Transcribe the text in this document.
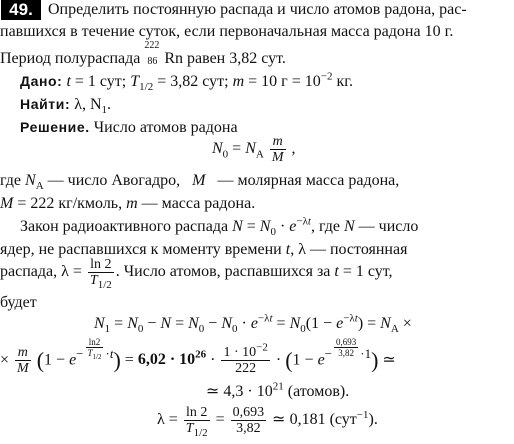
49. Определить постоянную распада и число атомов радона, рас-
павшихся в течение суток, если первоначальная масса радона 10 г.
Период полураспада
222
86 Rn равен 3,82 сут.
Дано: t = 1 сут; $T_{1/2} = 3,82$ сут; m = 10 $г = 10^{-2}$ кг.
Найти: λ, $N_1$.
Решение. Число атомов радона
$N_0 = N_A \frac{m}{M}$ ,
где $N_A$ — число Авогадро, M — молярная масса радона,
M = 222 кг/кмоль, m — масса радона.
Закон радиоактивного распада $N = N_0 \cdot e^{-\lambda t}$, где N — число
ядер, не распавшихся к моменту времени t, λ — постоянная
распада, $\lambda = \frac{\ln 2}{T_{1/2}}$ . Число атомов, распавшихся за t = 1 сут,
будет
$N_1 = N_0 - N = N_0 - N_0 \cdot e^{-\lambda t} = N_0(1 - e^{-\lambda t}) = N_A$ ×
× $\frac{m}{M} (1 - e^{- \frac{\ln 2}{T_{1/2}} \cdot t}) = 6,02 \cdot 10^{26} \cdot \frac{1 \cdot 10^{-2}}{222} \cdot (1 - e^{- \frac{0,693}{3,82} \cdot 1})$ ≃
≃ $4,3 \cdot 10^{21}$ (атомов).
$\lambda = \frac{\ln 2}{T_{1/2}} = \frac{0,693}{3,82}$ ≃ 0,181 (сут$^{-1}$).
